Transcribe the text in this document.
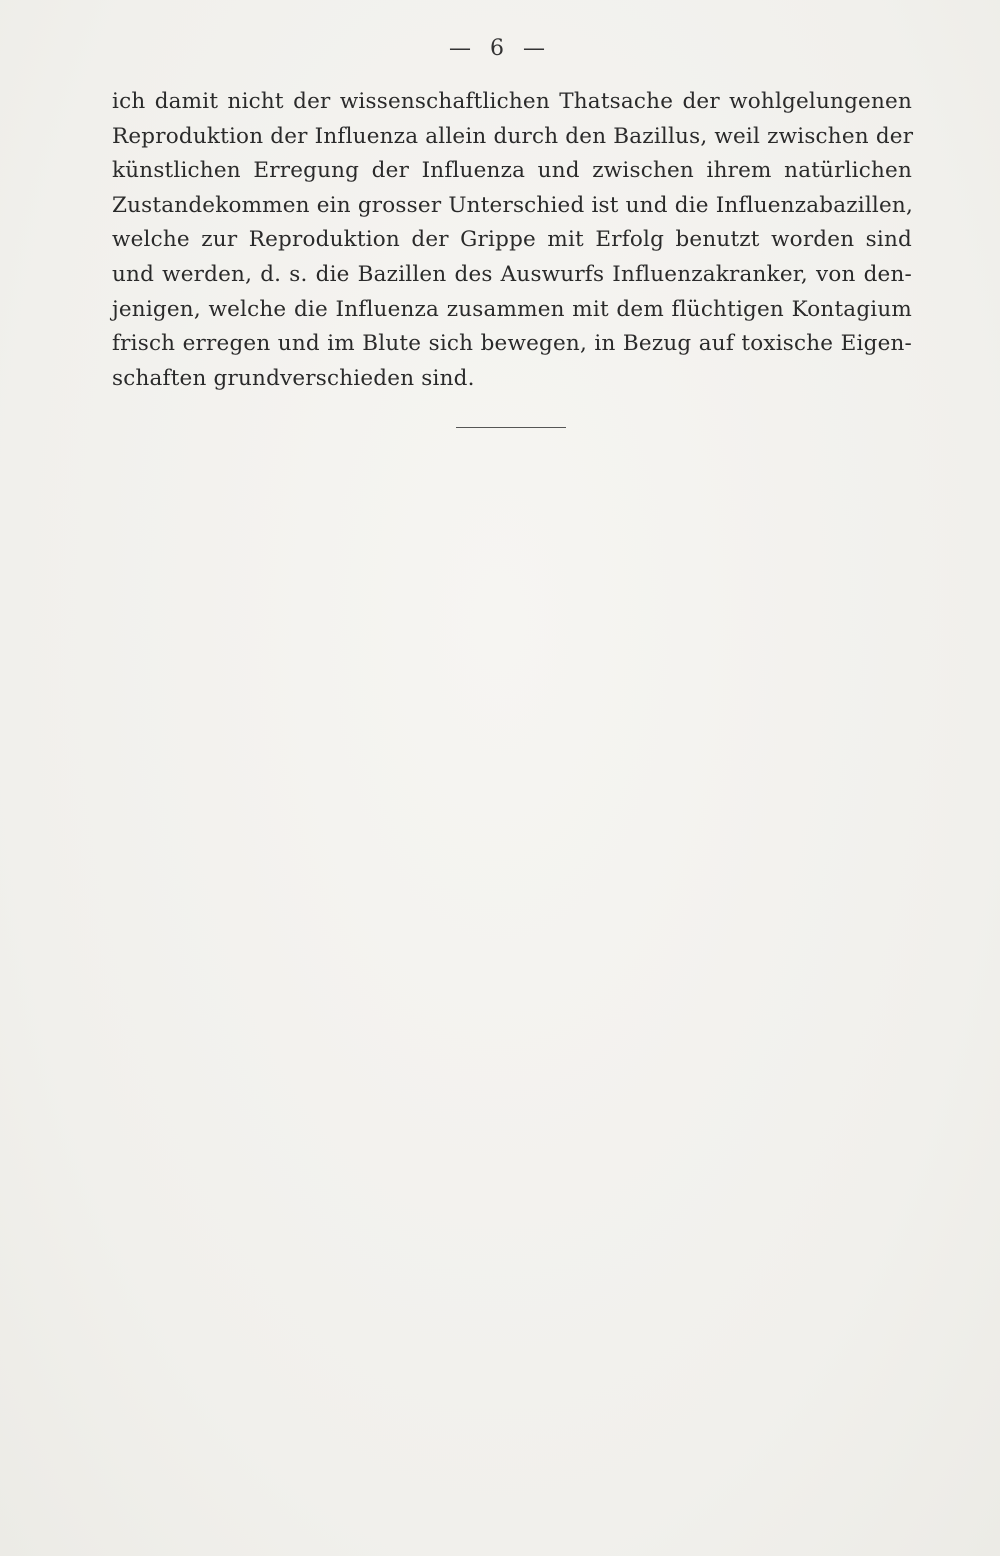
— 6 —
ich damit nicht der wissenschaftlichen Thatsache der wohlgelungenen
Reproduktion der Influenza allein durch den Bazillus, weil zwischen der
künstlichen Erregung der Influenza und zwischen ihrem natürlichen
Zustandekommen ein grosser Unterschied ist und die Influenzabazillen,
welche zur Reproduktion der Grippe mit Erfolg benutzt worden sind
und werden, d. s. die Bazillen des Auswurfs Influenzakranker, von den-
jenigen, welche die Influenza zusammen mit dem flüchtigen Kontagium
frisch erregen und im Blute sich bewegen, in Bezug auf toxische Eigen-
schaften grundverschieden sind.
